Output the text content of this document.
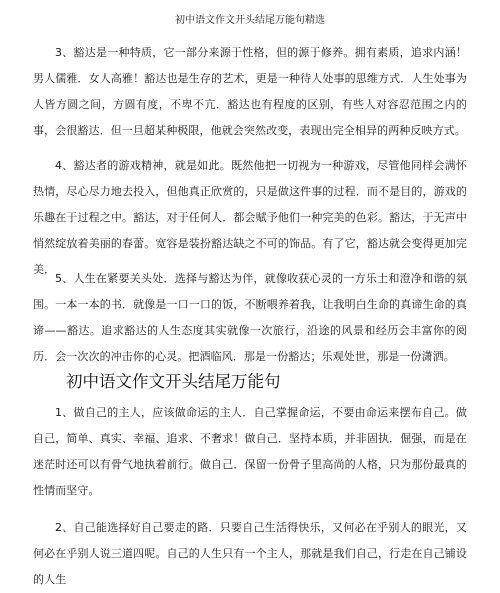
初中语文作文开头结尾万能句精选

3、豁达是一种特质，它一部分来源于性格，但的源于修养。拥有素质，追求内涵！男人儒雅．女人高雅！豁达也是生存的艺术，更是一种待人处事的思维方式．人生处事为人皆方圆之间，方圆有度，不卑不亢．豁达也有程度的区别，有些人对容忍范围之内的事，会很豁达．但一旦超某种极限，他就会突然改变，表现出完全相异的两种反映方式。

4、豁达者的游戏精神，就是如此。既然他把一切视为一种游戏，尽管他同样会满怀热情，尽心尽力地去投入，但他真正欣赏的，只是做这件事的过程．而不是目的，游戏的乐趣在于过程之中。豁达，对于任何人．都会赋予他们一种完美的色彩。豁达，于无声中悄然绽放着美丽的春蕾。宽容是装扮豁达缺之不可的饰品。有了它，豁达就会变得更加完美．

5、人生在紧要关头处．选择与豁达为伴，就像收获心灵的一方乐土和澄净和谐的氛围。一本一本的书．就像是一口一口的饭，不断喂养着我，让我明白生命的真谛生命的真谛——豁达。追求豁达的人生态度其实就像一次旅行，沿途的风景和经历会丰富你的阅历．会一次次的冲击你的心灵。把酒临风．那是一份豁达；乐观处世，那是一份潇洒。

初中语文作文开头结尾万能句

1、做自己的主人，应该做命运的主人．自己掌握命运，不要由命运来摆布自己。做自己，简单、真实、幸福、追求、不奢求！做自己．坚持本质，并非固执．倔强，而是在迷茫时还可以有骨气地执着前行。做自己．保留一份骨子里高尚的人格，只为那份最真的性情而坚守。

2、自己能选择好自己要走的路．只要自己生活得快乐，又何必在乎别人的眼光，又何必在乎别人说三道四呢。自己的人生只有一个主人，那就是我们自己，行走在自己铺设的人生
